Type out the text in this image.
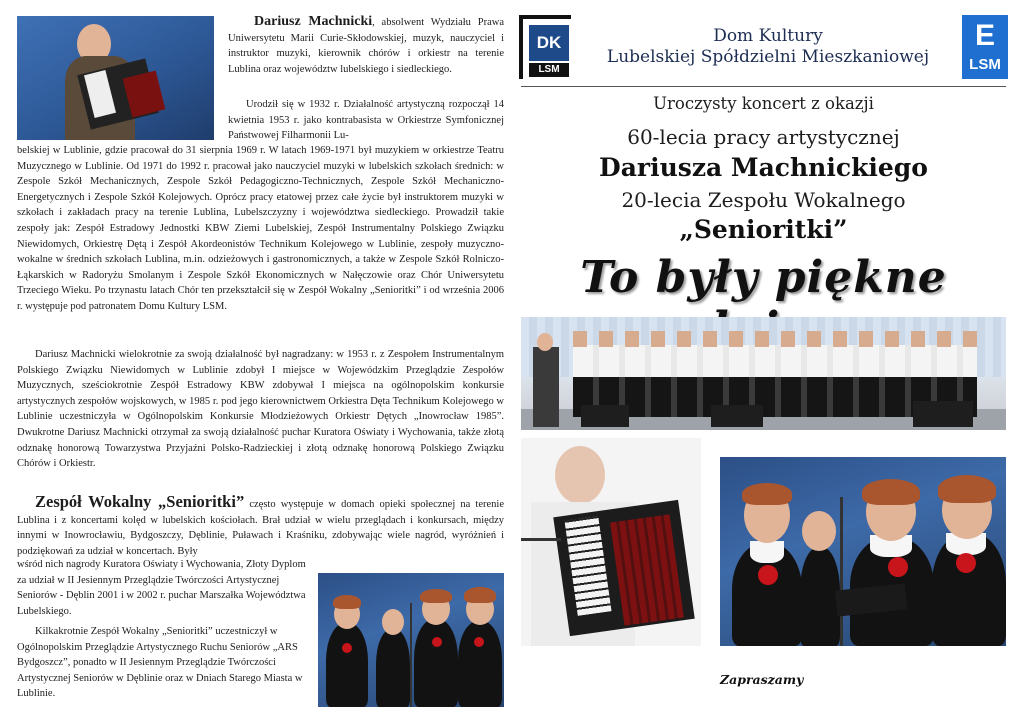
Dariusz Machnicki, absolwent Wydziału Prawa Uniwersytetu Marii Curie-Skłodowskiej, muzyk, nauczyciel i instruktor muzyki, kierownik chórów i orkiestr na terenie Lublina oraz województw lubelskiego i siedleckiego.

Urodził się w 1932 r. Działalność artystyczną rozpoczął 14 kwietnia 1953 r. jako kontrabasista w Orkiestrze Symfonicznej Państwowej Filharmonii Lu-

belskiej w Lublinie, gdzie pracował do 31 sierpnia 1969 r. W latach 1969-1971 był muzykiem w orkiestrze Teatru Muzycznego w Lublinie. Od 1971 do 1992 r. pracował jako nauczyciel muzyki w lubelskich szkołach średnich: w Zespole Szkół Mechanicznych, Zespole Szkół Pedagogiczno-Technicznych, Zespole Szkół Mechaniczno-Energetycznych i Zespole Szkół Kolejowych. Oprócz pracy etatowej przez całe życie był instruktorem muzyki w szkołach i zakładach pracy na terenie Lublina, Lubelszczyzny i województwa siedleckiego. Prowadził takie zespoły jak: Zespół Estradowy Jednostki KBW Ziemi Lubelskiej, Zespół Instrumentalny Polskiego Związku Niewidomych, Orkiestrę Dętą i Zespół Akordeonistów Technikum Kolejowego w Lublinie, zespoły muzyczno-wokalne w średnich szkołach Lublina, m.in. odzieżowych i gastronomicznych, a także w Zespole Szkół Rolniczo-Łąkarskich w Radoryżu Smolanym i Zespole Szkół Ekonomicznych w Nałęczowie oraz Chór Uniwersytetu Trzeciego Wieku. Po trzynastu latach Chór ten przekształcił się w Zespół Wokalny „Senioritki” i od września 2006 r. występuje pod patronatem Domu Kultury LSM.

Dariusz Machnicki wielokrotnie za swoją działalność był nagradzany: w 1953 r. z Zespołem Instrumentalnym Polskiego Związku Niewidomych w Lublinie zdobył I miejsce w Wojewódzkim Przeglądzie Zespołów Muzycznych, sześciokrotnie Zespół Estradowy KBW zdobywał I miejsca na ogólnopolskim konkursie artystycznych zespołów wojskowych, w 1985 r. pod jego kierownictwem Orkiestra Dęta Technikum Kolejowego w Lublinie uczestniczyła w Ogólnopolskim Konkursie Młodzieżowych Orkiestr Dętych „Inowrocław 1985”. Dwukrotne Dariusz Machnicki otrzymał za swoją działalność puchar Kuratora Oświaty i Wychowania, także złotą odznakę honorową Towarzystwa Przyjaźni Polsko-Radzieckiej i złotą odznakę honorową Polskiego Związku Chórów i Orkiestr.

Zespół Wokalny „Senioritki” często występuje w domach opieki społecznej na terenie Lublina i z koncertami kolęd w lubelskich kościołach. Brał udział w wielu przeglądach i konkursach, między innymi w Inowrocławiu, Bydgoszczy, Dęblinie, Puławach i Kraśniku, zdobywając wiele nagród, wyróżnień i podziękowań za udział w koncertach. Były

wśród nich nagrody Kuratora Oświaty i Wychowania, Złoty Dyplom za udział w II Jesiennym Przeglądzie Twórczości Artystycznej Seniorów - Dęblin 2001 i w 2002 r. puchar Marszałka Województwa Lubelskiego.

Kilkakrotnie Zespół Wokalny „Senioritki” uczestniczył w Ogólnopolskim Przeglądzie Artystycznego Ruchu Seniorów „ARS Bydgoszcz”, ponadto w II Jesiennym Przeglądzie Twórczości Artystycznej Seniorów w Dęblinie oraz w Dniach Starego Miasta w Lublinie.

DK
LSM
Dom Kultury
Lubelskiej Spółdzielni Mieszkaniowej
E
LSM
Uroczysty koncert z okazji
60-lecia pracy artystycznej
Dariusza Machnickiego
20-lecia Zespołu Wokalnego
„Senioritki”
To były piękne
Zapraszamy
